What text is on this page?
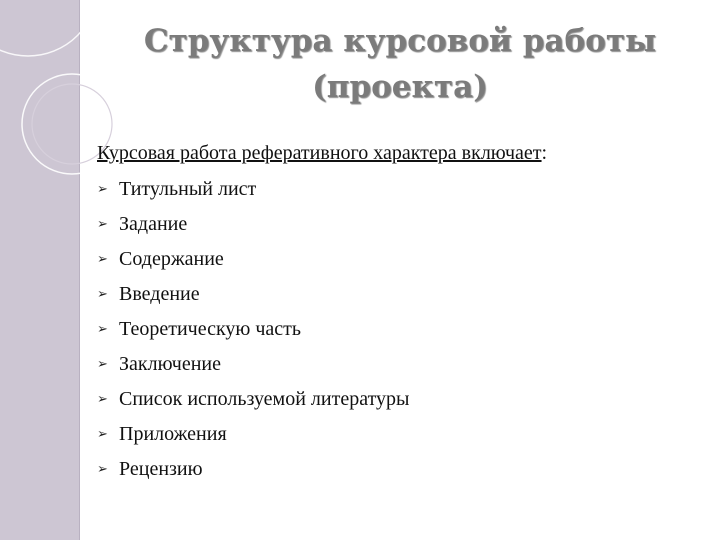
Структура курсовой работы
(проекта)

Курсовая работа реферативного характера включает:

➢ Титульный лист
➢ Задание
➢ Содержание
➢ Введение
➢ Теоретическую часть
➢ Заключение
➢ Список используемой литературы
➢ Приложения
➢ Рецензию
